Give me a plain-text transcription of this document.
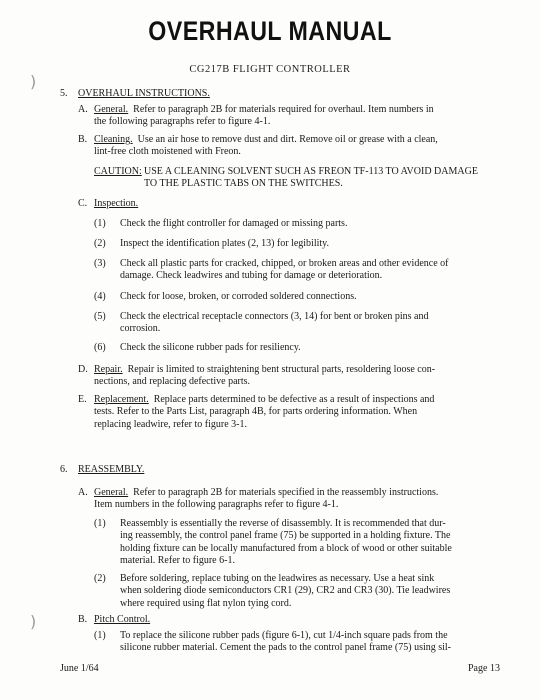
)
)
OVERHAUL MANUAL
CG217B FLIGHT CONTROLLER
5. OVERHAUL INSTRUCTIONS.
A. General. Refer to paragraph 2B for materials required for overhaul. Item numbers in
the following paragraphs refer to figure 4-1.
B. Cleaning. Use an air hose to remove dust and dirt. Remove oil or grease with a clean,
lint-free cloth moistened with Freon.
CAUTION: USE A CLEANING SOLVENT SUCH AS FREON TF-113 TO AVOID DAMAGE
TO THE PLASTIC TABS ON THE SWITCHES.
C. Inspection.
(1) Check the flight controller for damaged or missing parts.
(2) Inspect the identification plates (2, 13) for legibility.
(3) Check all plastic parts for cracked, chipped, or broken areas and other evidence of
damage. Check leadwires and tubing for damage or deterioration.
(4) Check for loose, broken, or corroded soldered connections.
(5) Check the electrical receptacle connectors (3, 14) for bent or broken pins and
corrosion.
(6) Check the silicone rubber pads for resiliency.
D. Repair. Repair is limited to straightening bent structural parts, resoldering loose con-
nections, and replacing defective parts.
E. Replacement. Replace parts determined to be defective as a result of inspections and
tests. Refer to the Parts List, paragraph 4B, for parts ordering information. When
replacing leadwire, refer to figure 3-1.
6. REASSEMBLY.
A. General. Refer to paragraph 2B for materials specified in the reassembly instructions.
Item numbers in the following paragraphs refer to figure 4-1.
(1) Reassembly is essentially the reverse of disassembly. It is recommended that dur-
ing reassembly, the control panel frame (75) be supported in a holding fixture. The
holding fixture can be locally manufactured from a block of wood or other suitable
material. Refer to figure 6-1.
(2) Before soldering, replace tubing on the leadwires as necessary. Use a heat sink
when soldering diode semiconductors CR1 (29), CR2 and CR3 (30). Tie leadwires
where required using flat nylon tying cord.
B. Pitch Control.
(1) To replace the silicone rubber pads (figure 6-1), cut 1/4-inch square pads from the
silicone rubber material. Cement the pads to the control panel frame (75) using sil-
June 1/64	Page 13
